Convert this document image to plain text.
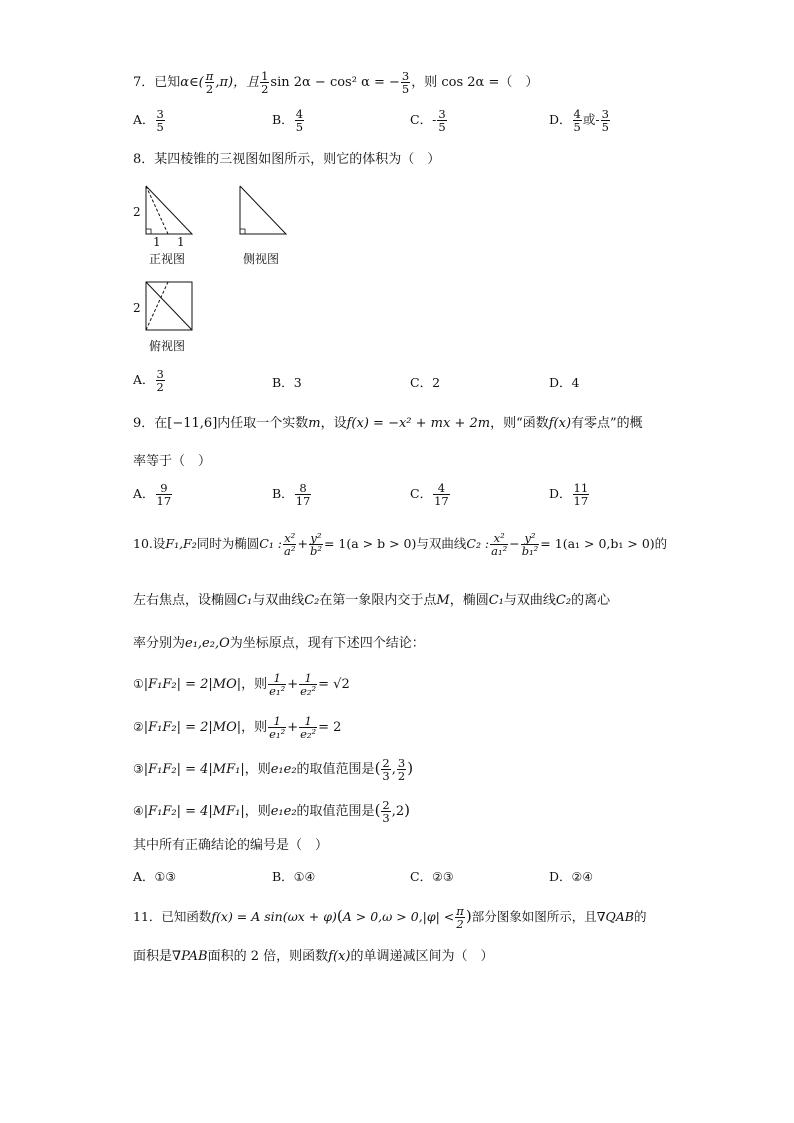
7．已知α∈( $\frac{\pi}{2} ,\pi$)，且 $\frac{1}{2}$ sin 2α − cos² α = − $\frac{3}{5}$ ，则 cos 2α =（　）
A． $\frac{3}{5}$	B． $\frac{4}{5}$	C．- $\frac{3}{5}$	D． $\frac{4}{5}$ 或- $\frac{3}{5}$
8．某四棱锥的三视图如图所示，则它的体积为（　）
2
1 1
正视图	侧视图
2
俯视图
A． $\frac{3}{2}$	B．3	C．2	D．4
9．在[−11,6]内任取一个实数m，设f(x) = −x² + mx + 2m，则“函数f(x)有零点”的概
率等于（　）
A． $\frac{9}{17}$	B． $\frac{8}{17}$	C． $\frac{4}{17}$	D． $\frac{11}{17}$
10.设F₁,F₂同时为椭圆C₁ : $\frac{\text{x²}}{\text{a²}} + \frac{\text{y²}}{\text{b²}} = 1(a > b > 0)$与双曲线C₂ : $\frac{\text{x²}}{\text{a₁²}} - \frac{\text{y²}}{\text{b₁²}} = 1(a_1 > 0,b_1 > 0)$的
左右焦点，设椭圆C₁与双曲线C₂在第一象限内交于点M，椭圆C₁与双曲线C₂的离心
率分别为e₁,e₂,O为坐标原点，现有下述四个结论：
①|F₁F₂| = 2|MO|，则 $\frac{1}{\text{e₁²}} + \frac{1}{\text{e₂²}} = √2$
②|F₁F₂| = 2|MO|，则 $\frac{1}{\text{e₁²}} + \frac{1}{\text{e₂²}} = 2$
③|F₁F₂| = 4|MF₁|，则e₁e₂的取值范围是( $\frac{2}{3}$ , $\frac{3}{2}$ )
④|F₁F₂| = 4|MF₁|，则e₁e₂的取值范围是( $\frac{2}{3} ,2$)
其中所有正确结论的编号是（　）
A．①③	B．①④	C．②③	D．②④
11．已知函数f(x) = A $\sin(\omega x + \varphi)(A > 0,\omega > 0,|\varphi| < \frac{\pi}{2}$ )部分图象如图所示，且∇QAB的
面积是∇PAB面积的 2 倍，则函数f(x)的单调递减区间为（　）
